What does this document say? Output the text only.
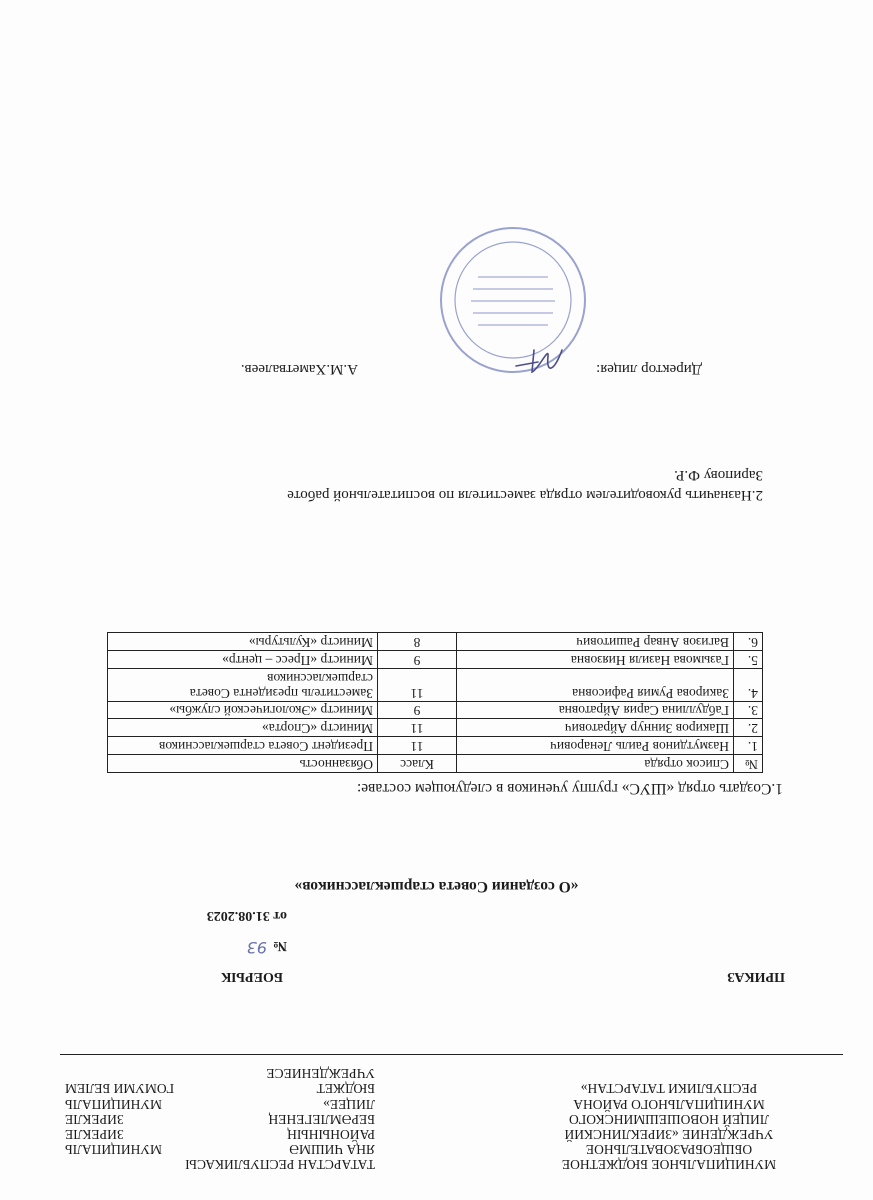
МУНИЦИПАЛЬНОЕ БЮДЖЕТНОЕ
ОБЩЕОБРАЗОВАТЕЛЬНОЕ
УЧРЕЖДЕНИЕ «ЗИРЕКЛИНСКИЙ
ЛИЦЕЙ НОВОШЕШМИНСКОГО
МУНИЦИПАЛЬНОГО РАЙОНА
РЕСПУБЛИКИ ТАТАРСТАН»
ТАТАРСТАН РЕСПУБЛИКАСЫ
ЯҢА ЧИШМӘ
МУНИЦИПАЛЬ
РАЙОНЫНЫҢ
ЗИРЕКЛЕ
БЕРӘМЛЕГЕНЕҢ
ЗИРЕКЛЕ
ЛИЦЕЕ»
МУНИЦИПАЛЬ
БЮДЖЕТ
ГОМУМИ БЕЛЕМ
УЧРЕЖДЕНИЕСЕ
ПРИКАЗ
БОЕРЫК
№
93
от 31.08.2023
«О создании Совета старшеклассников»
1.Создать отряд «ШУС» группу учеников в следующем составе:
№	Список отряда	Класс	Обязанность
1.	Назмутдинов Раиль Ленарович	11	Президент Совета старшеклассников
2.	Шакиров Зиннур Айратович	11	Министр «Спорта»
3.	Габдуллина Сария Айратовна	9	Министр «Экологической службы»
4.	Закирова Румия Рафисовна	11	Заместитель президента Совета старшеклассников
5.	Газымова Назиля Ниязовна	9	Министр «Пресс – центр»
6.	Вагизов Анвар Рашитович	8	Министр «Культуры»
2.Назначить руководителем отряда заместителя по воспитательной работе
Зарипову Ф.Р.
Директор лицея:
А.М.Хаметвалеев.
